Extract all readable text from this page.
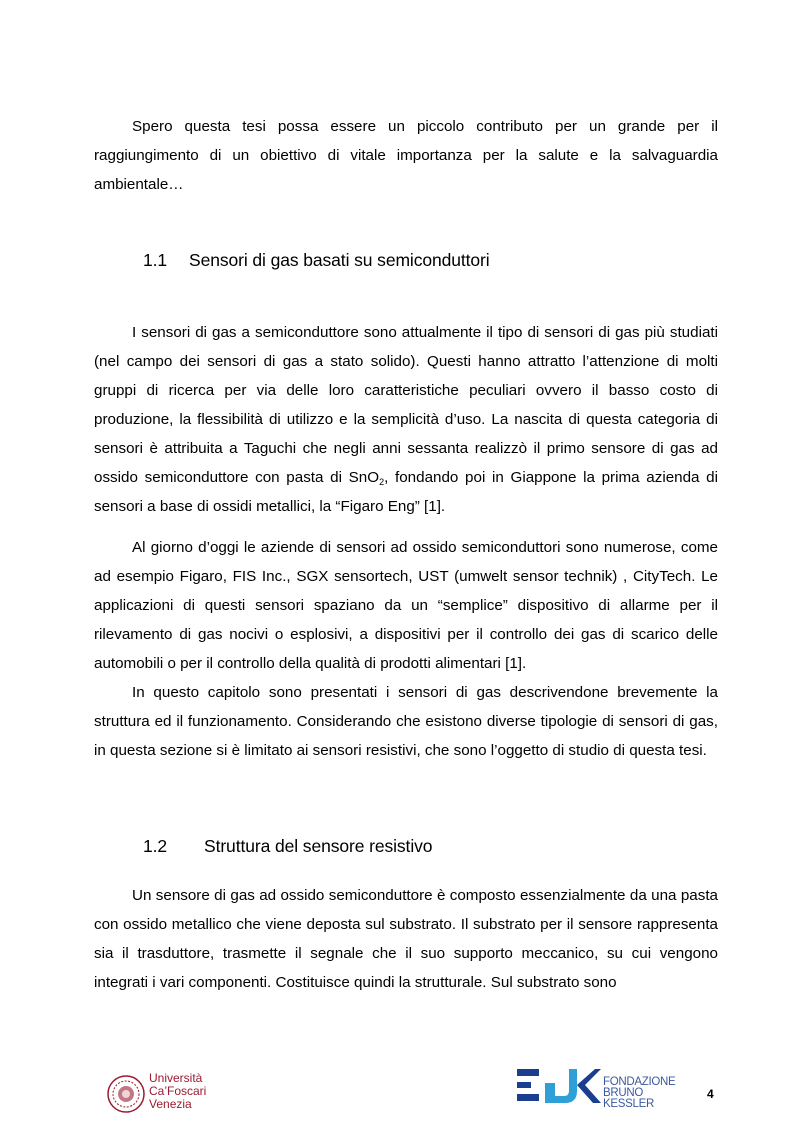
Spero questa tesi possa essere un piccolo contributo per un grande per il raggiungimento di un obiettivo di vitale importanza per la salute e la salvaguardia ambientale…

1.1 Sensori di gas basati su semiconduttori

I sensori di gas a semiconduttore sono attualmente il tipo di sensori di gas più studiati (nel campo dei sensori di gas a stato solido). Questi hanno attratto l’attenzione di molti gruppi di ricerca per via delle loro caratteristiche peculiari ovvero il basso costo di produzione, la flessibilità di utilizzo e la semplicità d’uso. La nascita di questa categoria di sensori è attribuita a Taguchi che negli anni sessanta realizzò il primo sensore di gas ad ossido semiconduttore con pasta di SnO$_2$, fondando poi in Giappone la prima azienda di sensori a base di ossidi metallici, la “Figaro Eng” [1].

Al giorno d’oggi le aziende di sensori ad ossido semiconduttori sono numerose, come ad esempio Figaro, FIS Inc., SGX sensortech, UST (umwelt sensor technik) , CityTech. Le applicazioni di questi sensori spaziano da un “semplice” dispositivo di allarme per il rilevamento di gas nocivi o esplosivi, a dispositivi per il controllo dei gas di scarico delle automobili o per il controllo della qualità di prodotti alimentari [1].

In questo capitolo sono presentati i sensori di gas descrivendone brevemente la struttura ed il funzionamento. Considerando che esistono diverse tipologie di sensori di gas, in questa sezione si è limitato ai sensori resistivi, che sono l’oggetto di studio di questa tesi.

1.2 Struttura del sensore resistivo

Un sensore di gas ad ossido semiconduttore è composto essenzialmente da una pasta con ossido metallico che viene deposta sul substrato. Il substrato per il sensore rappresenta sia il trasduttore, trasmette il segnale che il suo supporto meccanico, su cui vengono integrati i vari componenti. Costituisce quindi la strutturale. Sul substrato sono

Università
Ca’Foscari
Venezia
FONDAZIONE
BRUNO KESSLER
4
